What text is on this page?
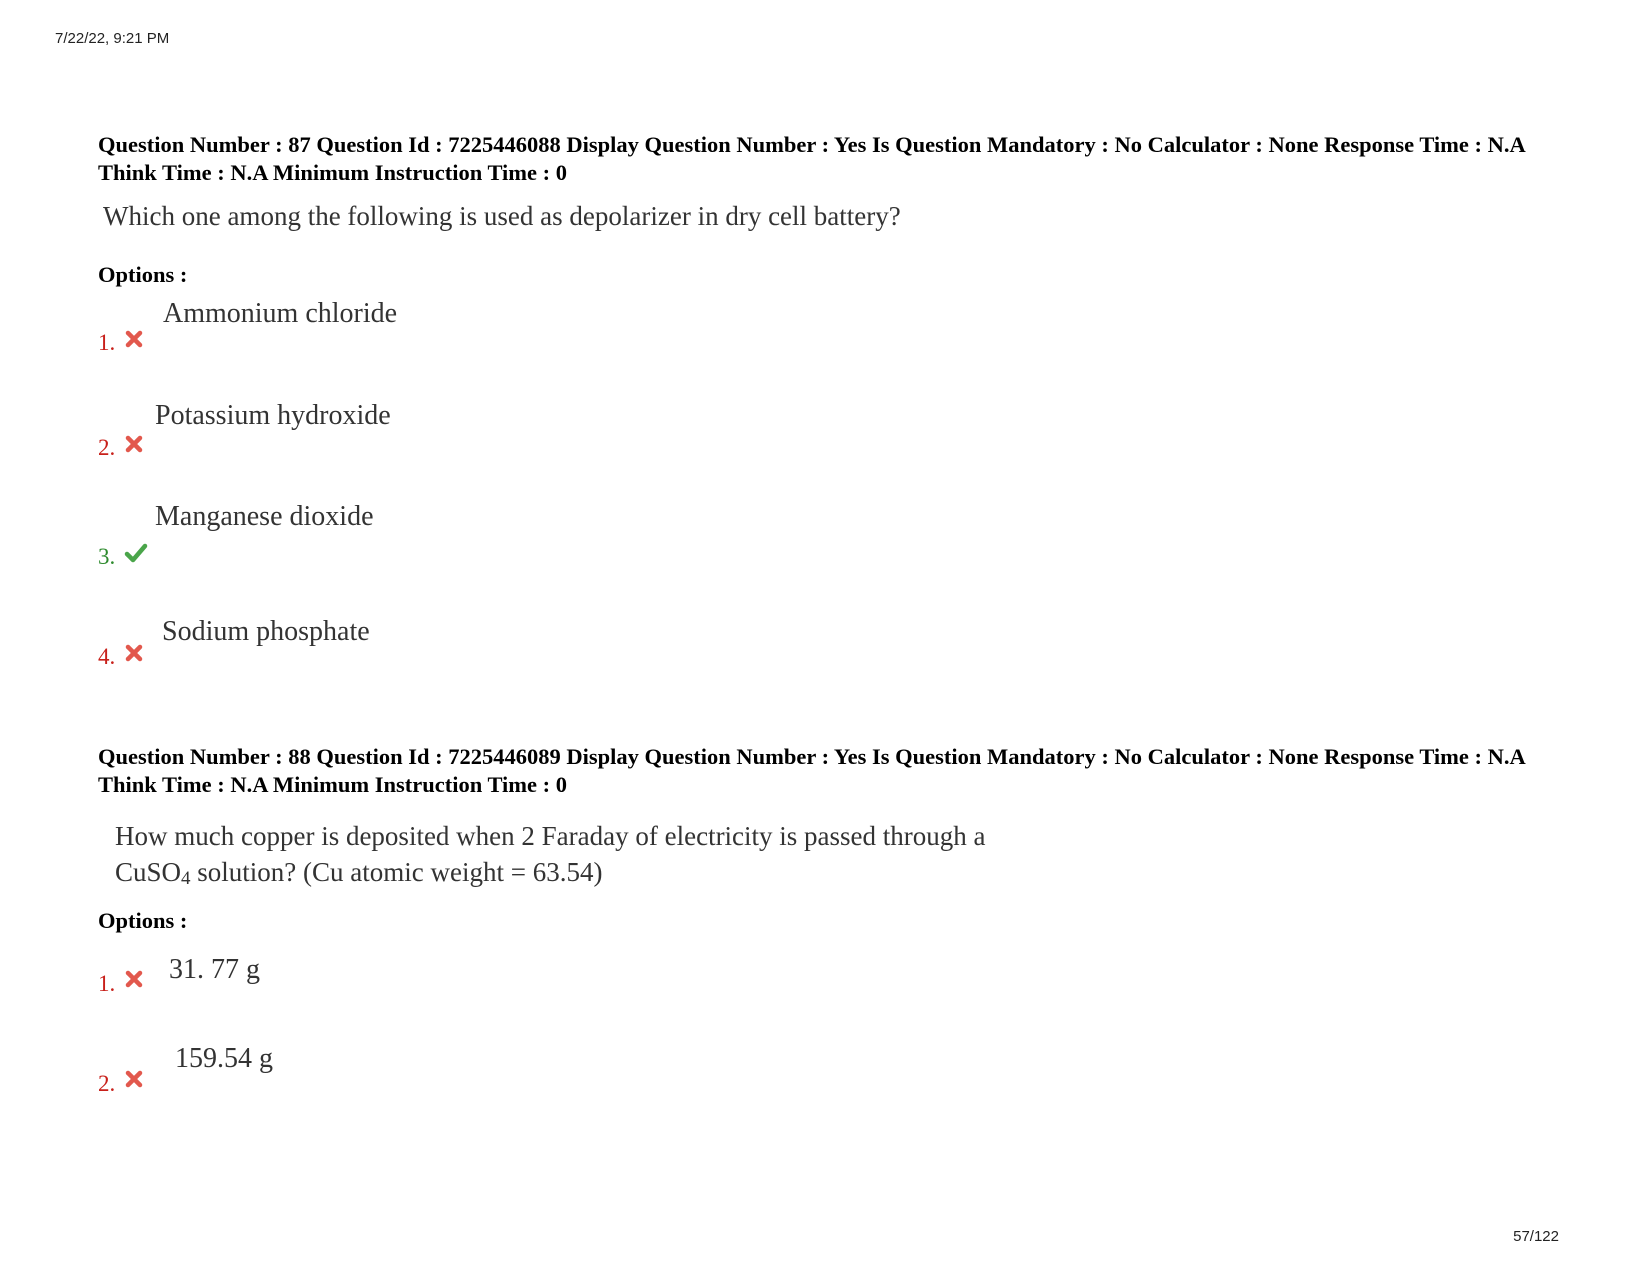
7/22/22, 9:21 PM

Question Number : 87 Question Id : 7225446088 Display Question Number : Yes Is Question Mandatory : No Calculator : None Response Time : N.A Think Time : N.A Minimum Instruction Time : 0

Which one among the following is used as depolarizer in dry cell battery?
Options :
1.
Ammonium chloride
2.
Potassium hydroxide
3.
Manganese dioxide
4.
Sodium phosphate

Question Number : 88 Question Id : 7225446089 Display Question Number : Yes Is Question Mandatory : No Calculator : None Response Time : N.A Think Time : N.A Minimum Instruction Time : 0

How much copper is deposited when 2 Faraday of electricity is passed through a
CuSO$_4$ solution? (Cu atomic weight = 63.54)
Options :
1. 31. 77 g
2.
159.54 g
57/122
